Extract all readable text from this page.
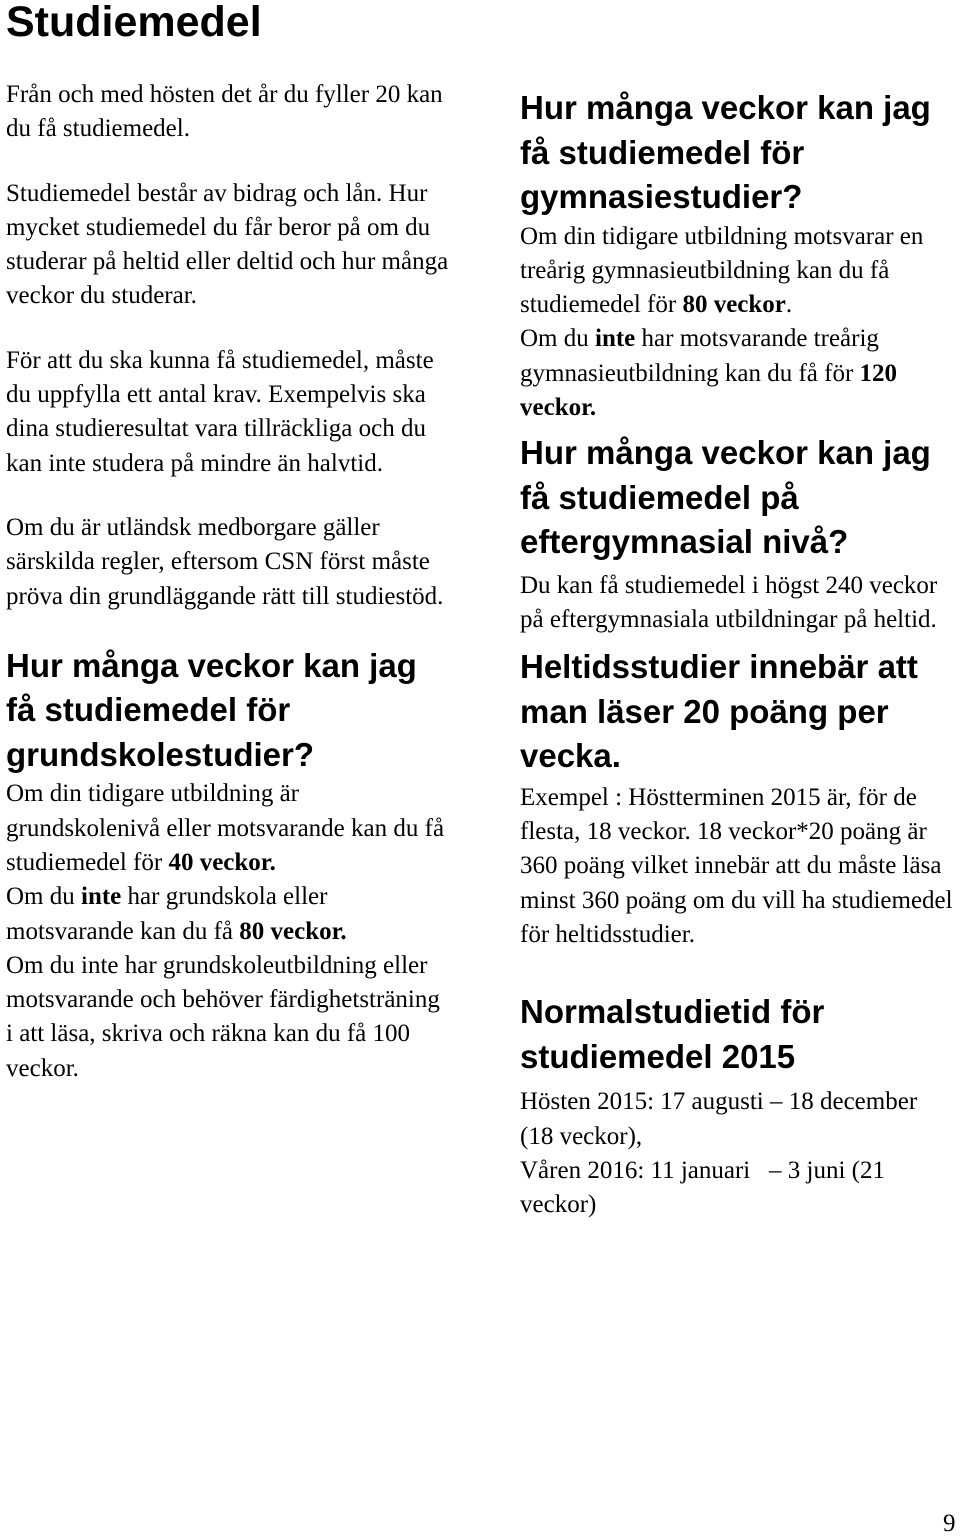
Studiemedel

Från och med hösten det år du fyller 20 kan du få studiemedel.

Studiemedel består av bidrag och lån. Hur mycket studiemedel du får beror på om du studerar på heltid eller deltid och hur många veckor du studerar.

För att du ska kunna få studiemedel, måste du uppfylla ett antal krav. Exempelvis ska dina studieresultat vara tillräckliga och du kan inte studera på mindre än halvtid.

Om du är utländsk medborgare gäller särskilda regler, eftersom CSN först måste pröva din grundläggande rätt till studiestöd.

Hur många veckor kan jag få studiemedel för grundskolestudier?

Om din tidigare utbildning är grundskolenivå eller motsvarande kan du få studiemedel för 40 veckor.

Om du inte har grundskola eller motsvarande kan du få 80 veckor.

Om du inte har grundskoleutbildning eller motsvarande och behöver färdighetsträning i att läsa, skriva och räkna kan du få 100 veckor.

Hur många veckor kan jag få studiemedel för gymnasiestudier?

Om din tidigare utbildning motsvarar en treårig gymnasieutbildning kan du få studiemedel för 80 veckor.

Om du inte har motsvarande treårig gymnasieutbildning kan du få för 120 veckor.

Hur många veckor kan jag få studiemedel på eftergymnasial nivå?

Du kan få studiemedel i högst 240 veckor på eftergymnasiala utbildningar på heltid.

Heltidsstudier innebär att man läser 20 poäng per vecka.

Exempel : Höstterminen 2015 är, för de flesta, 18 veckor. 18 veckor*20 poäng är 360 poäng vilket innebär att du måste läsa minst 360 poäng om du vill ha studiemedel för heltidsstudier.

Normalstudietid för studiemedel 2015

Hösten 2015: 17 augusti – 18 december (18 veckor),

Våren 2016: 11 januari   – 3 juni (21 veckor)

9
